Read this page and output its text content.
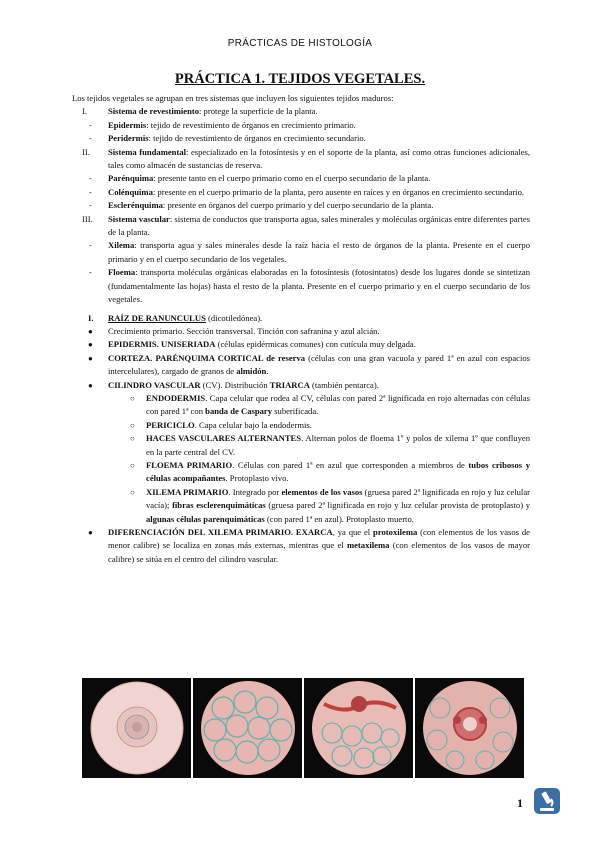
PRÁCTICAS DE HISTOLOGÍA
PRÁCTICA 1. TEJIDOS VEGETALES.

Los tejidos vegetales se agrupan en tres sistemas que incluyen los siguientes tejidos maduros:

I. Sistema de revestimiento: protege la superficie de la planta.
- Epidermis: tejido de revestimiento de órganos en crecimiento primario.
- Peridermis: tejido de revestimiento de órganos en crecimiento secundario.
II. Sistema fundamental: especializado en la fotosíntesis y en el soporte de la planta, así como otras funciones adicionales, tales como almacén de sustancias de reserva.
- Parénquima: presente tanto en el cuerpo primario como en el cuerpo secundario de la planta.
- Colénquima: presente en el cuerpo primario de la planta, pero ausente en raíces y en órganos en crecimiento secundario.
- Esclerénquima: presente en órganos del cuerpo primario y del cuerpo secundario de la planta.
III. Sistema vascular: sistema de conductos que transporta agua, sales minerales y moléculas orgánicas entre diferentes partes de la planta.
- Xilema: transporta agua y sales minerales desde la raíz hacia el resto de órganos de la planta. Presente en el cuerpo primario y en el cuerpo secundario de los vegetales.
- Floema: transporta moléculas orgánicas elaboradas en la fotosíntesis (fotosintatos) desde los lugares donde se sintetizan (fundamentalmente las hojas) hasta el resto de la planta. Presente en el cuerpo primario y en el cuerpo secundario de los vegetales.
I. RAÍZ DE RANUNCULUS (dicotiledónea).
● Crecimiento primario. Sección transversal. Tinción con safranina y azul alcián.
● EPIDERMIS. UNISERIADA (células epidérmicas comunes) con cutícula muy delgada.
● CORTEZA. PARÉNQUIMA CORTICAL de reserva (células con una gran vacuola y pared 1ª en azul con espacios intercelulares), cargado de granos de almidón.
● CILINDRO VASCULAR (CV). Distribución TRIARCA (también pentarca).
○ ENDODERMIS. Capa celular que rodea al CV, células con pared 2ª lignificada en rojo alternadas con células con pared 1ª con banda de Caspary suberificada.
○ PERICICLO. Capa celular bajo la endodermis.
○ HACES VASCULARES ALTERNANTES. Alternan polos de floema 1º y polos de xilema 1º que confluyen en la parte central del CV.
○ FLOEMA PRIMARIO. Células con pared 1ª en azul que corresponden a miembros de tubos cribosos y células acompañantes. Protoplasto vivo.
○ XILEMA PRIMARIO. Integrado por elementos de los vasos (gruesa pared 2ª lignificada en rojo y luz celular vacía); fibras esclerenquimáticas (gruesa pared 2ª lignificada en rojo y luz celular provista de protoplasto) y algunas células parenquimáticas (con pared 1ª en azul). Protoplasto muerto.
● DIFERENCIACIÓN DEL XILEMA PRIMARIO. EXARCA, ya que el protoxilema (con elementos de los vasos de menor calibre) se localiza en zonas más externas, mientras que el metaxilema (con elementos de los vasos de mayor calibre) se sitúa en el centro del cilindro vascular.
1
